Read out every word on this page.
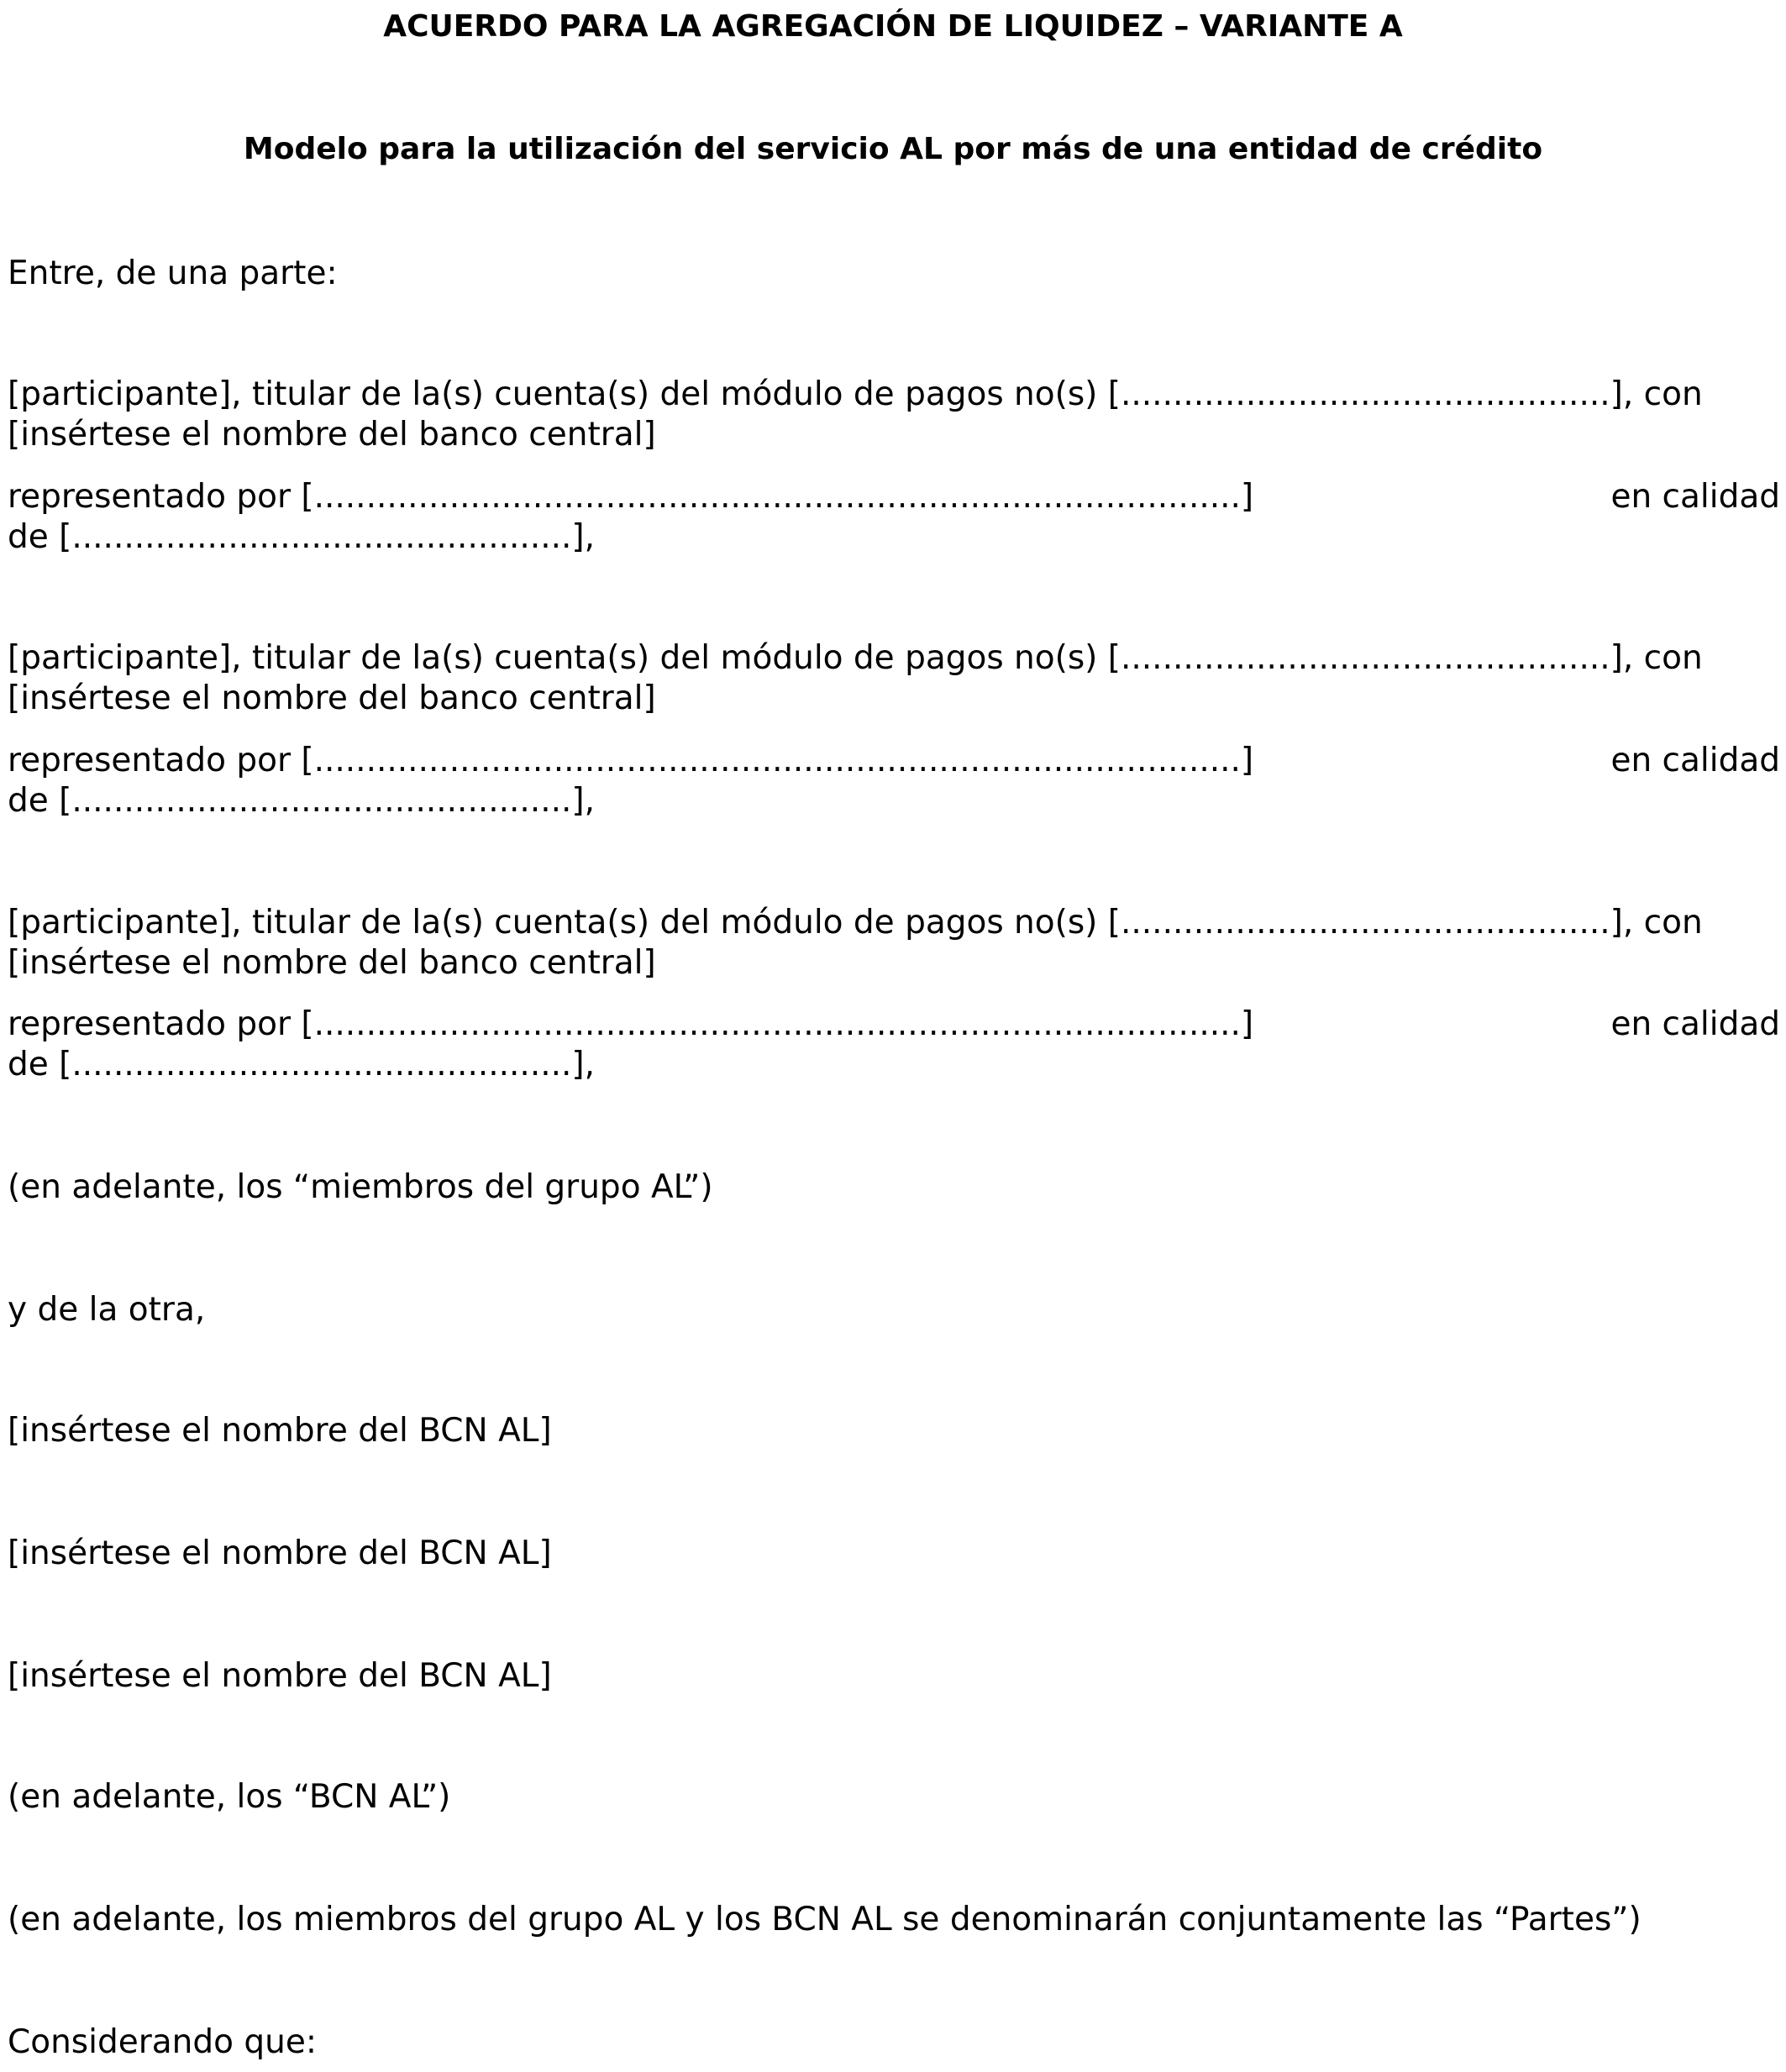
ACUERDO PARA LA AGREGACIÓN DE LIQUIDEZ – VARIANTE A

Modelo para la utilización del servicio AL por más de una entidad de crédito

Entre, de una parte:

[participante], titular de la(s) cuenta(s) del módulo de pagos no(s) [...............................................], con

[insértese el nombre del banco central]

representado por [.........................................................................................]	en calidad

de [................................................],

[participante], titular de la(s) cuenta(s) del módulo de pagos no(s) [...............................................], con

[insértese el nombre del banco central]

representado por [.........................................................................................]	en calidad

de [................................................],

[participante], titular de la(s) cuenta(s) del módulo de pagos no(s) [...............................................], con

[insértese el nombre del banco central]

representado por [.........................................................................................]	en calidad

de [................................................],

(en adelante, los “miembros del grupo AL”)

y de la otra,

[insértese el nombre del BCN AL]

[insértese el nombre del BCN AL]

[insértese el nombre del BCN AL]

(en adelante, los “BCN AL”)

(en adelante, los miembros del grupo AL y los BCN AL se denominarán conjuntamente las “Partes”)

Considerando que:
